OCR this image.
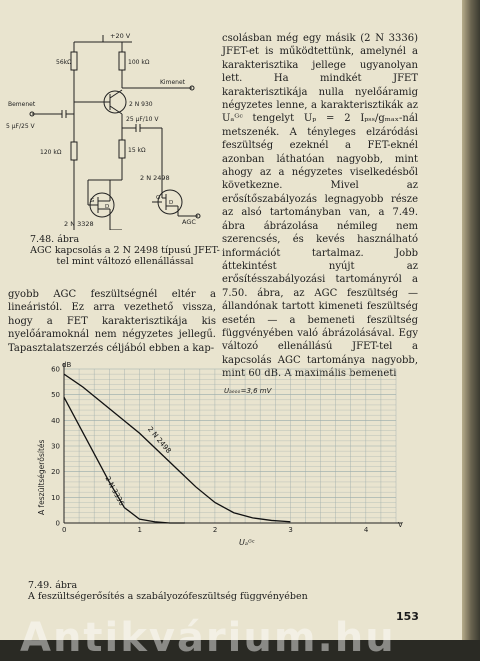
+20 V
56kΩ	100 kΩ
Kimenet
Bemenet
5 μF/25 V
2 N 930
25 μF/10 V
120 kΩ	15 kΩ
2 N 2498
2 N 3328	AGC
G
D
G
D
7.48. ábra
AGC kapcsolás a 2 N 2498 típusú JFET-tel mint változó ellenállással

csolásban még egy másik (2 N 3336) JFET-et is működtettünk, amelynél a karakterisztika jellege ugyanolyan lett. Ha mindkét JFET karakterisztikája nulla nyelőáramig négyzetes lenne, a karakterisztikák az Uₐᴳᶜ tengelyt Uₚ = 2 Iₚₛₛ/gₘₐₓ-nál metszenék. A tényleges elzáródási feszültség ezeknél a FET-eknél azonban láthatóan nagyobb, mint ahogy az a négyzetes viselkedésből következne. Mivel az erősítőszabályozás legnagyobb része az alsó tartományban van, a 7.49. ábra ábrázolása némileg nem szerencsés, és kevés használható információt tartalmaz. Jobb áttekintést nyújt az erősítésszabályozási tartományról a 7.50. ábra, az AGC feszültség — állandónak tartott kimeneti feszültség esetén — a bemeneti feszültség függvényében való ábrázolásával. Egy változó ellenállású JFET-tel a kapcsolás AGC tartománya nagyobb, mint 60 dB. A maximális bemeneti

gyobb AGC feszültségnél eltér a lineáristól. Ez arra vezethető vissza, hogy a FET karakterisztikája kis nyelőáramoknál nem négyzetes jellegű. Tapasztalatszerzés céljából ebben a kap-

0	1	2	3	4
0
10
20
30
40
50
60
2 N 2498
2 N 3336
dB
V
Uₐᴳᶜ
A feszültségerősítés
Uₐₑₒₒ=3,6 mV
7.49. ábra
A feszültségerősítés a szabályozófeszültség függvényében
153
Antikvárium.hu
